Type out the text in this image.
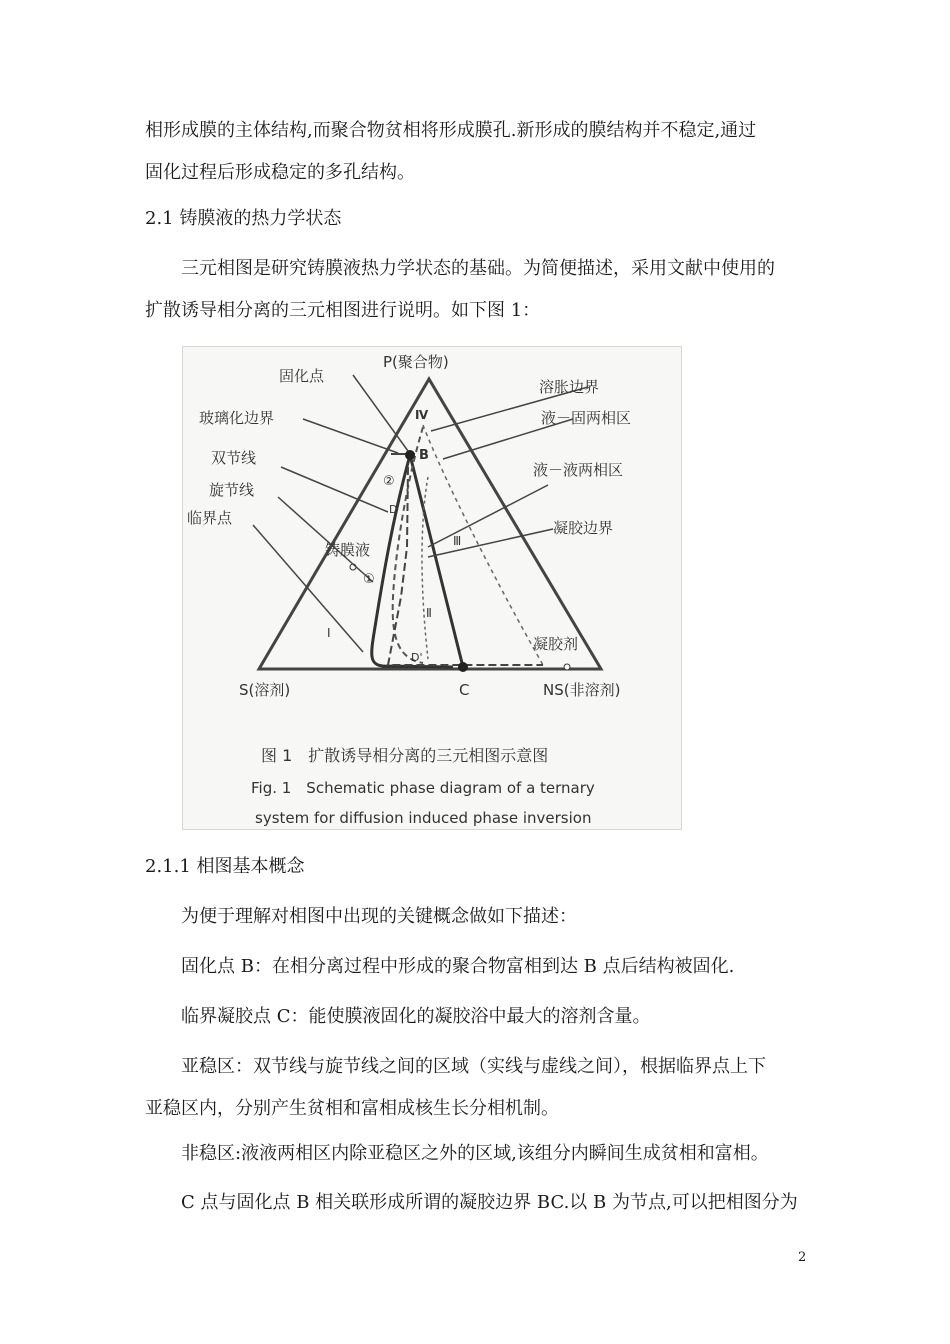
相形成膜的主体结构,而聚合物贫相将形成膜孔.新形成的膜结构并不稳定,通过
固化过程后形成稳定的多孔结构。
2.1 铸膜液的热力学状态
三元相图是研究铸膜液热力学状态的基础。为简便描述，采用文献中使用的
扩散诱导相分离的三元相图进行说明。如下图 1：
P(聚合物)
固化点
玻璃化边界
双节线
旋节线
临界点
铸膜液
溶胀边界
液－固两相区
液－液两相区
凝胶边界
凝胶剂
B
Ⅳ
Ⅲ
Ⅱ
Ⅰ
D
D'
①
②
S(溶剂)	C	NS(非溶剂)
图 1　扩散诱导相分离的三元相图示意图
Fig. 1　Schematic phase diagram of a ternary
system for diffusion induced phase inversion
2.1.1 相图基本概念
为便于理解对相图中出现的关键概念做如下描述：
固化点 B：在相分离过程中形成的聚合物富相到达 B 点后结构被固化.
临界凝胶点 C：能使膜液固化的凝胶浴中最大的溶剂含量。
亚稳区：双节线与旋节线之间的区域（实线与虚线之间），根据临界点上下
亚稳区内，分别产生贫相和富相成核生长分相机制。
非稳区:液液两相区内除亚稳区之外的区域,该组分内瞬间生成贫相和富相。
C 点与固化点 B 相关联形成所谓的凝胶边界 BC.以 B 为节点,可以把相图分为
2
